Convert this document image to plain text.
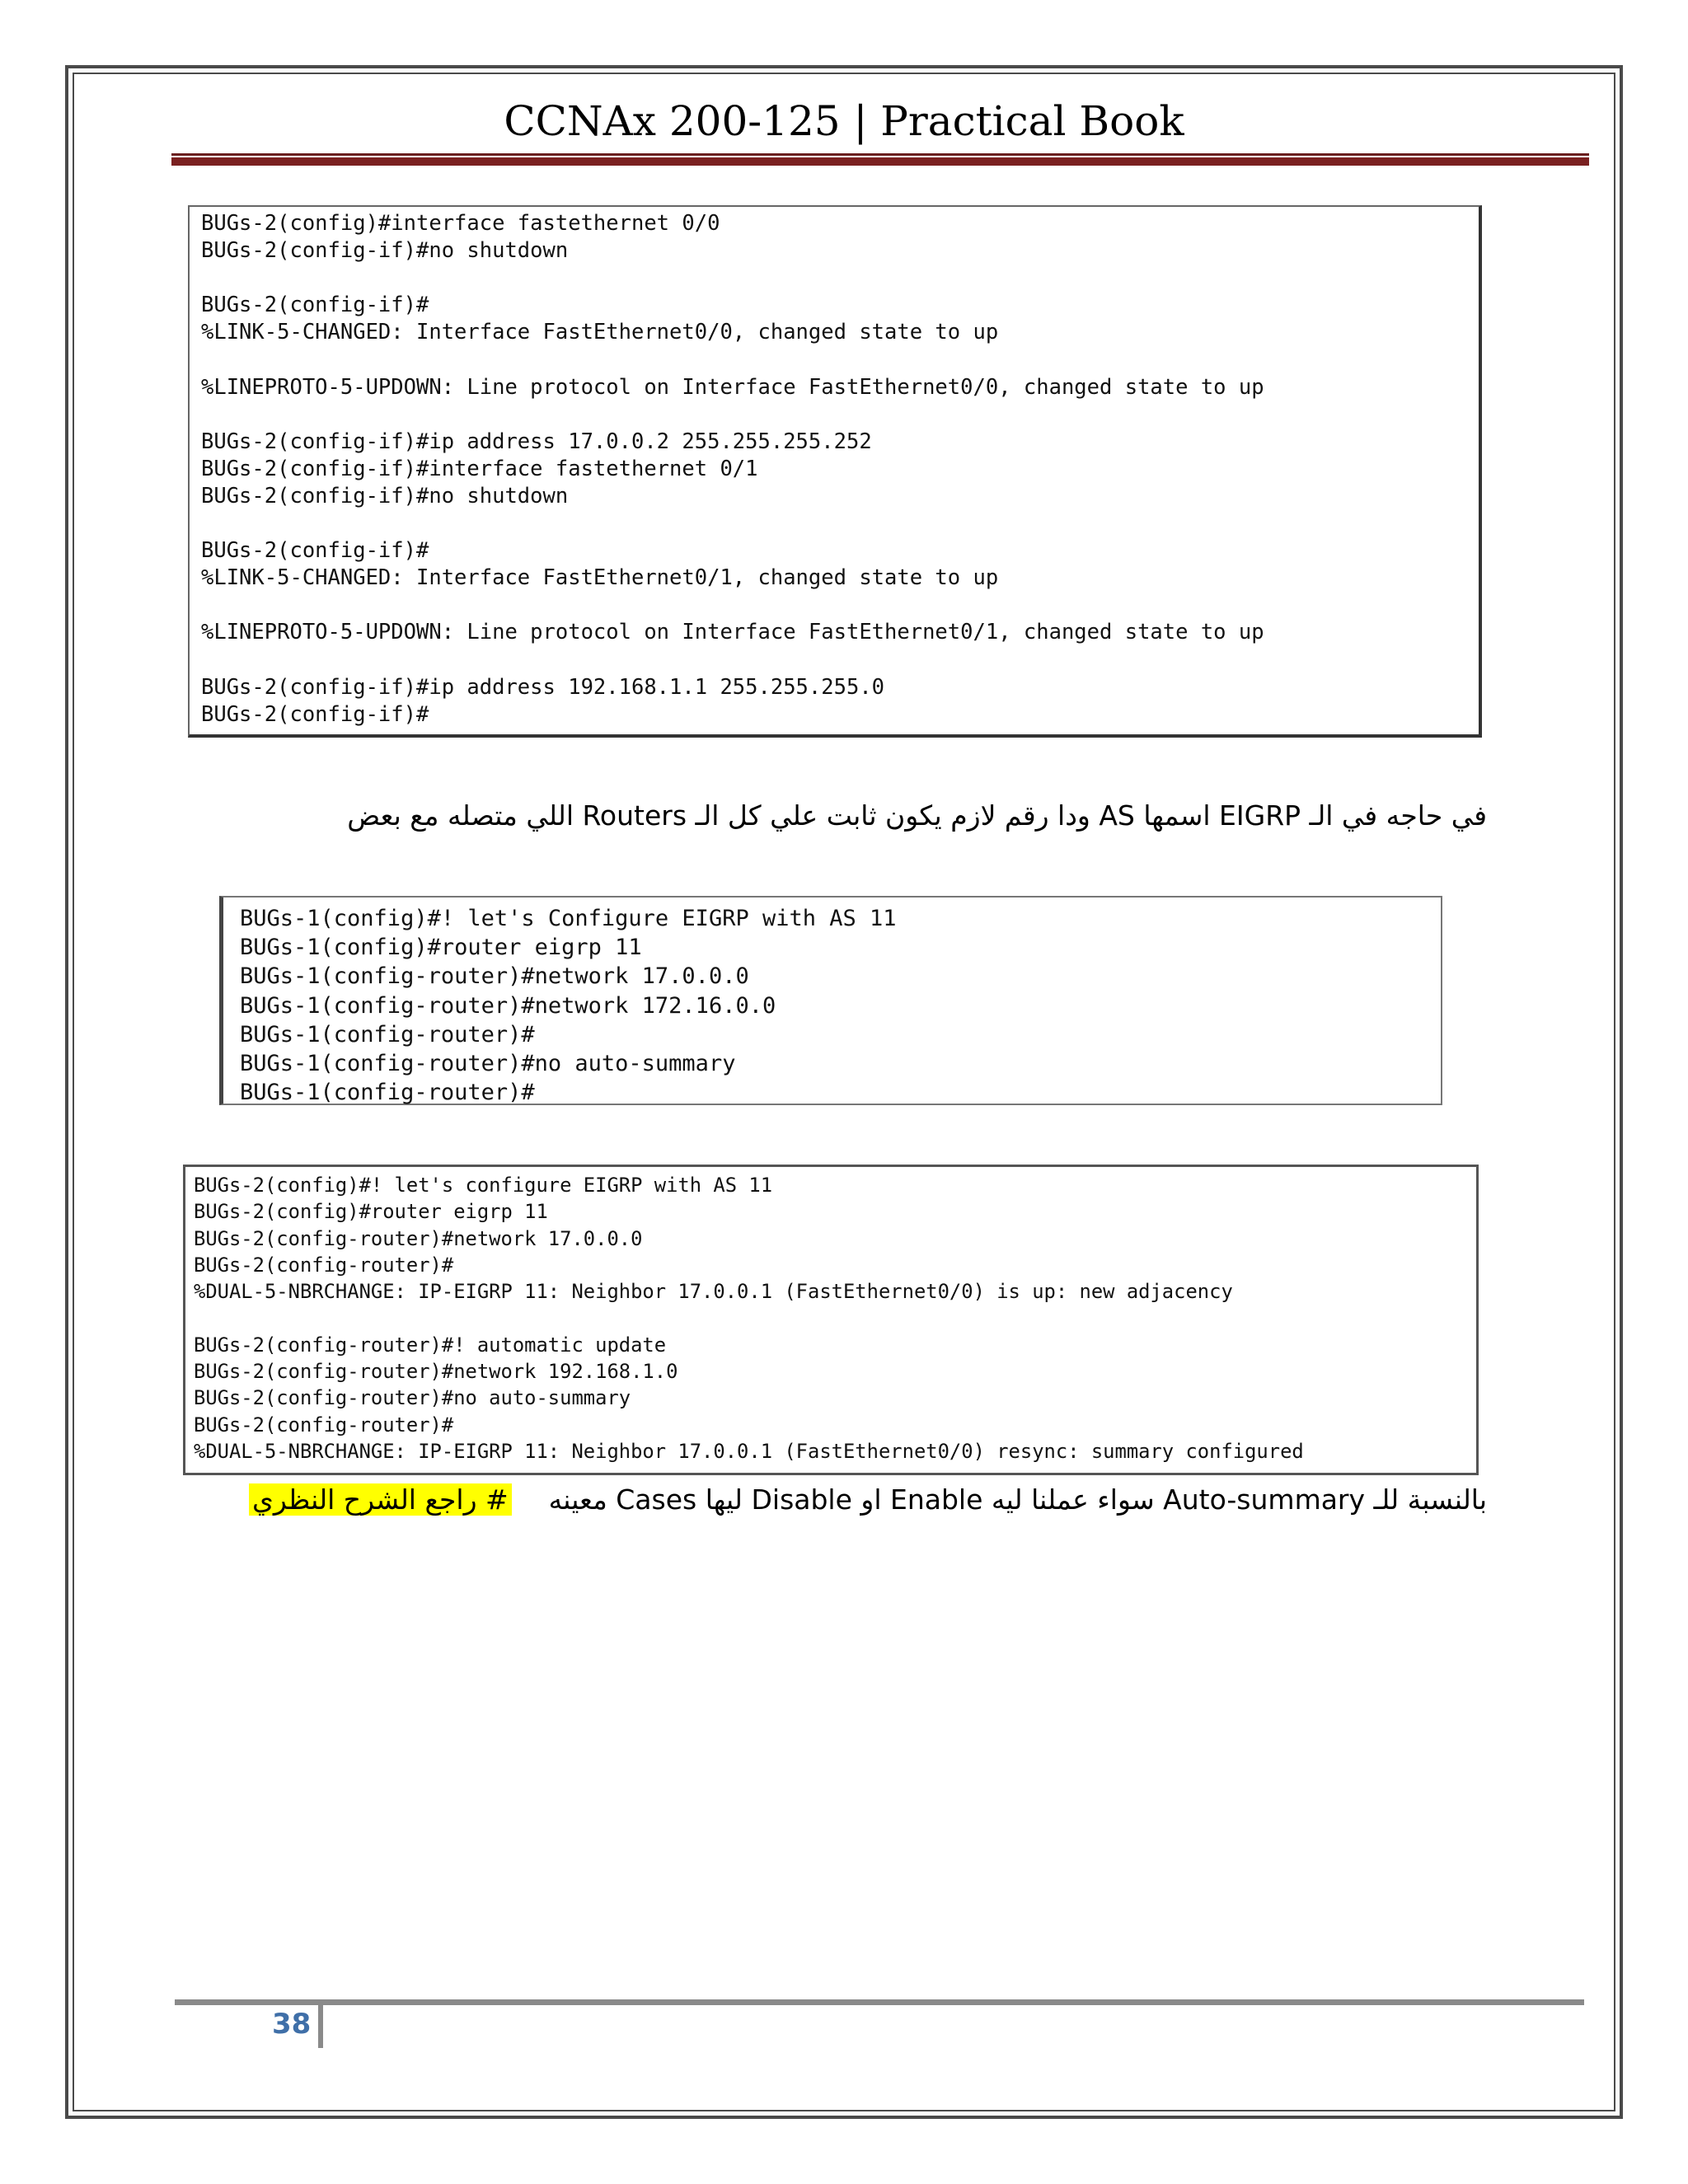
CCNAx 200-125 | Practical Book
BUGs-2(config)#interface fastethernet 0/0
BUGs-2(config-if)#no shutdown

BUGs-2(config-if)#
%LINK-5-CHANGED: Interface FastEthernet0/0, changed state to up

%LINEPROTO-5-UPDOWN: Line protocol on Interface FastEthernet0/0, changed state to up

BUGs-2(config-if)#ip address 17.0.0.2 255.255.255.252
BUGs-2(config-if)#interface fastethernet 0/1
BUGs-2(config-if)#no shutdown

BUGs-2(config-if)#
%LINK-5-CHANGED: Interface FastEthernet0/1, changed state to up

%LINEPROTO-5-UPDOWN: Line protocol on Interface FastEthernet0/1, changed state to up

BUGs-2(config-if)#ip address 192.168.1.1 255.255.255.0
BUGs-2(config-if)#
في حاجه في الـ EIGRP اسمها AS ودا رقم لازم يكون ثابت علي كل الـ Routers اللي متصله مع بعض
BUGs-1(config)#! let's Configure EIGRP with AS 11
BUGs-1(config)#router eigrp 11
BUGs-1(config-router)#network 17.0.0.0
BUGs-1(config-router)#network 172.16.0.0
BUGs-1(config-router)#
BUGs-1(config-router)#no auto-summary
BUGs-1(config-router)#
BUGs-2(config)#! let's configure EIGRP with AS 11
BUGs-2(config)#router eigrp 11
BUGs-2(config-router)#network 17.0.0.0
BUGs-2(config-router)#
%DUAL-5-NBRCHANGE: IP-EIGRP 11: Neighbor 17.0.0.1 (FastEthernet0/0) is up: new adjacency

BUGs-2(config-router)#! automatic update
BUGs-2(config-router)#network 192.168.1.0
BUGs-2(config-router)#no auto-summary
BUGs-2(config-router)#
%DUAL-5-NBRCHANGE: IP-EIGRP 11: Neighbor 17.0.0.1 (FastEthernet0/0) resync: summary configured
بالنسبة للـ Auto-summary سواء عملنا ليه Enable او Disable ليها Cases معينه
# راجع الشرح النظري
38
